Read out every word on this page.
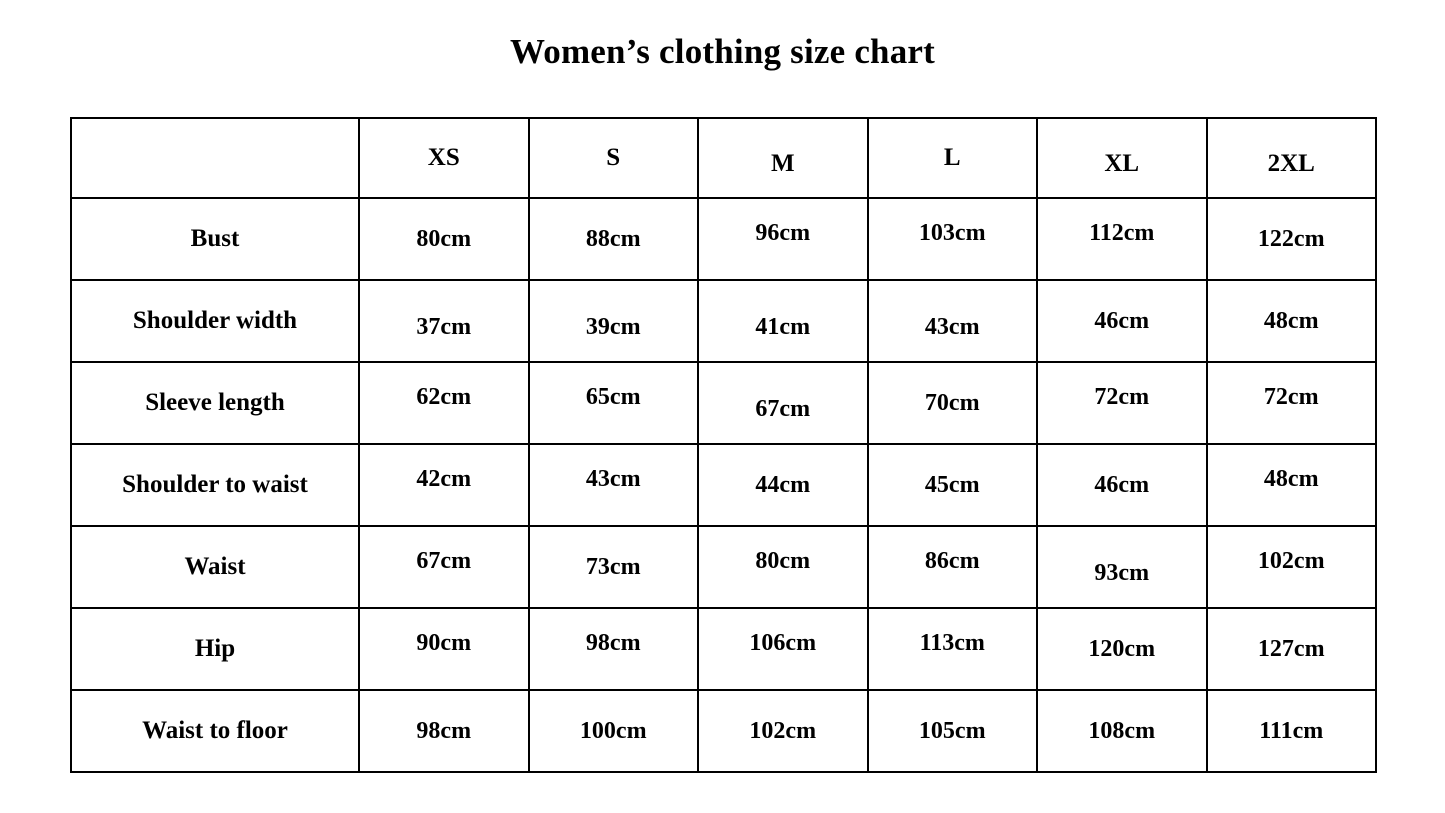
Women’s clothing size chart
	XS	S	M	L	XL	2XL
Bust	80cm	88cm	96cm	103cm	112cm	122cm
Shoulder width	37cm	39cm	41cm	43cm	46cm	48cm
Sleeve length	62cm	65cm	67cm	70cm	72cm	72cm
Shoulder to waist	42cm	43cm	44cm	45cm	46cm	48cm
Waist	67cm	73cm	80cm	86cm	93cm	102cm
Hip	90cm	98cm	106cm	113cm	120cm	127cm
Waist to floor	98cm	100cm	102cm	105cm	108cm	111cm
